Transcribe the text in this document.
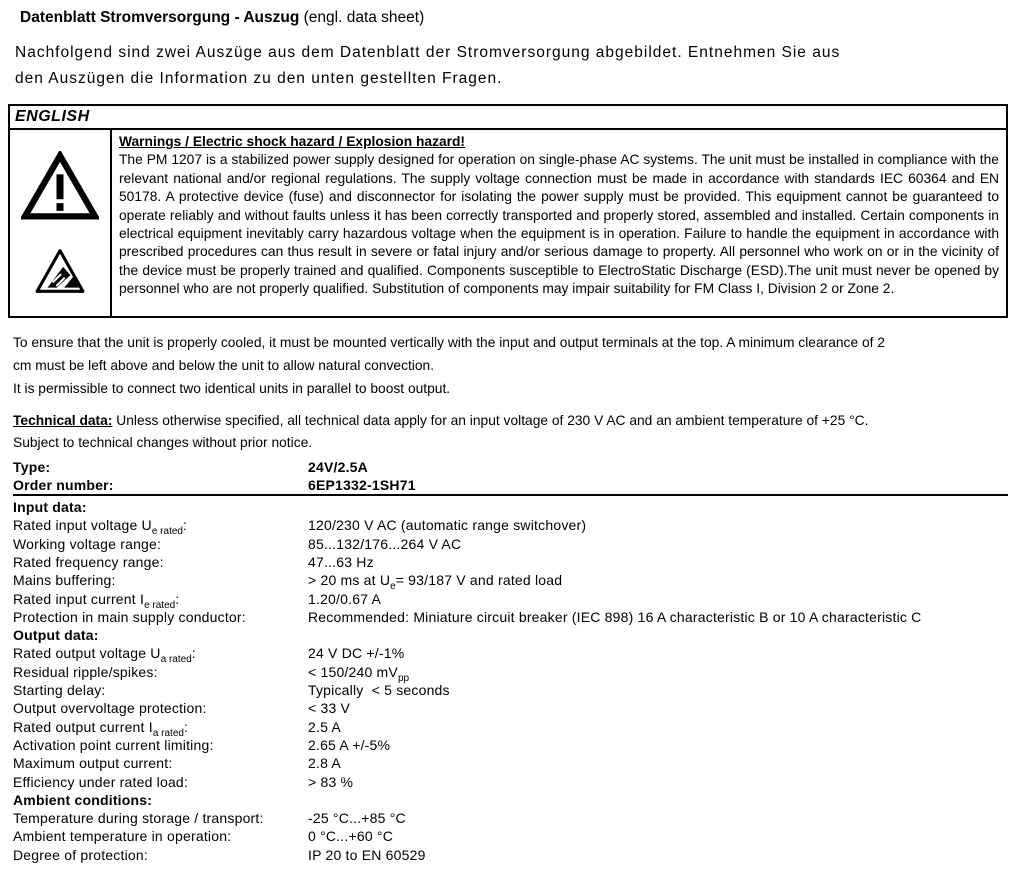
Datenblatt Stromversorgung - Auszug (engl. data sheet)
Nachfolgend sind zwei Auszüge aus dem Datenblatt der Stromversorgung abgebildet. Entnehmen Sie aus
den Auszügen die Information zu den unten gestellten Fragen.
ENGLISH
Warnings / Electric shock hazard / Explosion hazard!
The PM 1207 is a stabilized power supply designed for operation on single-phase AC systems. The unit must be installed in compliance with the relevant national and/or regional regulations. The supply voltage connection must be made in accordance with standards IEC 60364 and EN 50178. A protective device (fuse) and disconnector for isolating the power supply must be provided. This equipment cannot be guaranteed to operate reliably and without faults unless it has been correctly transported and properly stored, assembled and installed. Certain components in electrical equipment inevitably carry hazardous voltage when the equipment is in operation. Failure to handle the equipment in accordance with prescribed procedures can thus result in severe or fatal injury and/or serious damage to property. All personnel who work on or in the vicinity of the device must be properly trained and qualified. Components susceptible to ElectroStatic Discharge (ESD).The unit must never be opened by personnel who are not properly qualified. Substitution of components may impair suitability for FM Class I, Division 2 or Zone 2.
To ensure that the unit is properly cooled, it must be mounted vertically with the input and output terminals at the top. A minimum clearance of 2
cm must be left above and below the unit to allow natural convection.
It is permissible to connect two identical units in parallel to boost output.
Technical data: Unless otherwise specified, all technical data apply for an input voltage of 230 V AC and an ambient temperature of +25 °C.
Subject to technical changes without prior notice.
Type:	24V/2.5A
Order number:	6EP1332-1SH71
Input data:
Rated input voltage $U_{e rated}$:	120/230 V AC (automatic range switchover)
Working voltage range:	85...132/176...264 V AC
Rated frequency range:	47...63 Hz
Mains buffering:	> 20 ms at $U_e= 93/187$ V and rated load
Rated input current $I_{e rated}$:	1.20/0.67 A
Protection in main supply conductor:	Recommended: Miniature circuit breaker (IEC 898) 16 A characteristic B or 10 A characteristic C
Output data:
Rated output voltage $U_{a rated}$:	24 V DC +/-1%
Residual ripple/spikes:	< 150/240 $mV_{pp}$
Starting delay:	Typically  < 5 seconds
Output overvoltage protection:	< 33 V
Rated output current $I_{a rated}$:	2.5 A
Activation point current limiting:	2.65 A +/-5%
Maximum output current:	2.8 A
Efficiency under rated load:	> 83 %
Ambient conditions:
Temperature during storage / transport:	-25 °C...+85 °C
Ambient temperature in operation:	0 °C...+60 °C
Degree of protection:	IP 20 to EN 60529
